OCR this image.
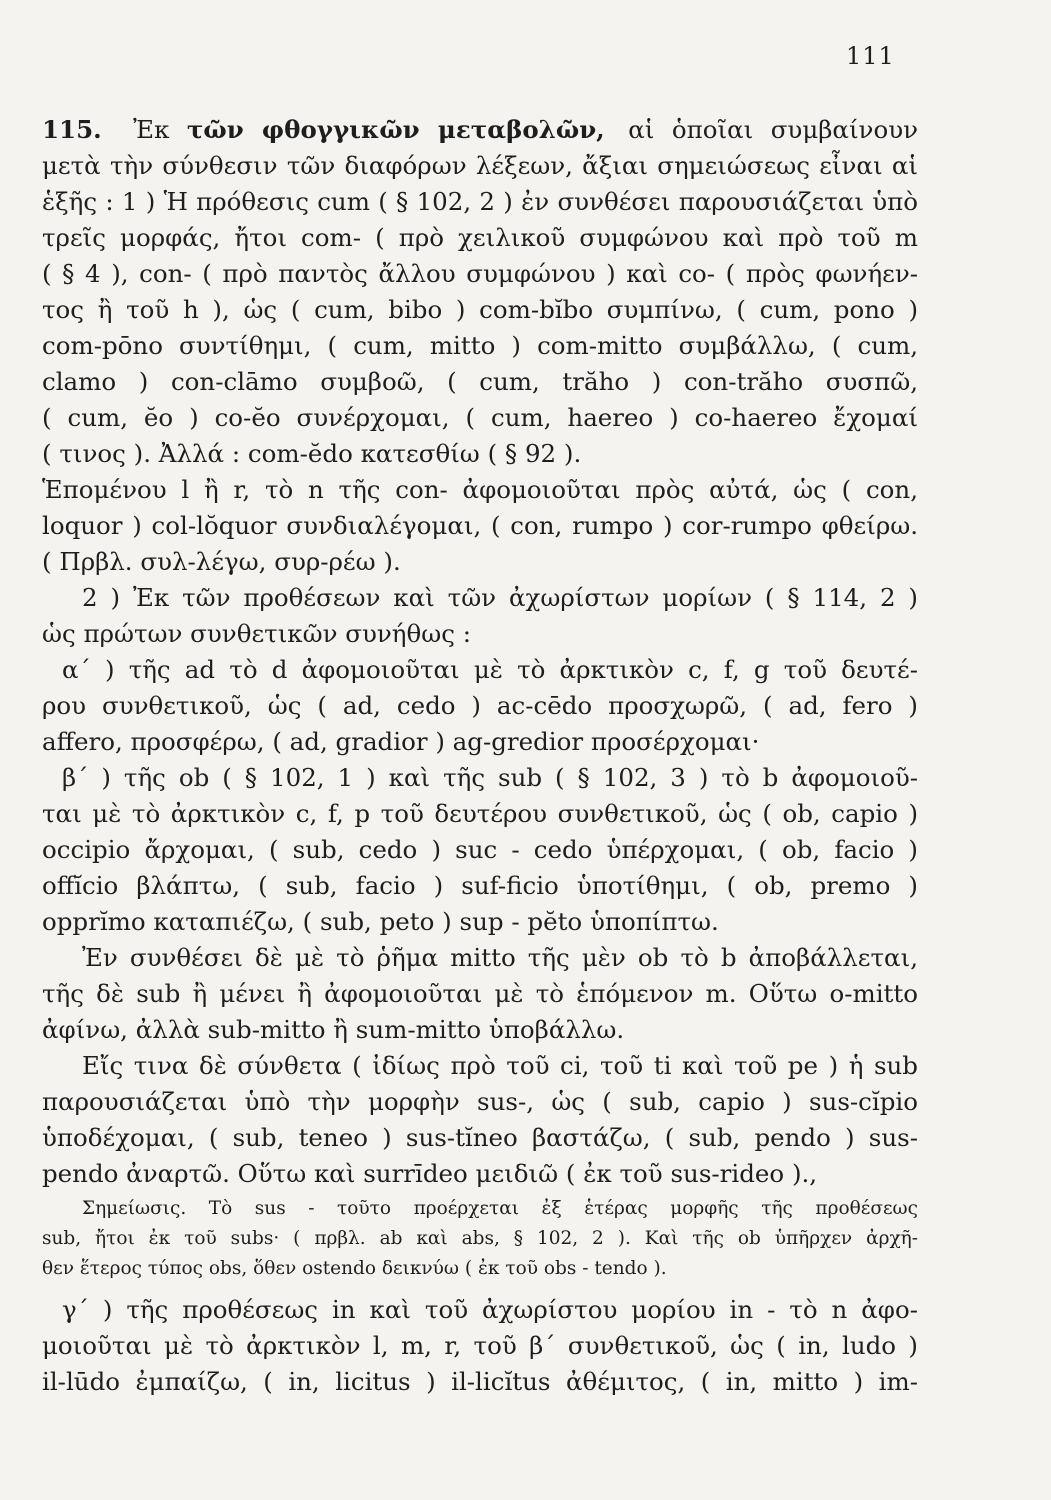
111
115. Ἐκ τῶν φθογγικῶν μεταβολῶν, αἱ ὁποῖαι συμβαίνουν
μετὰ τὴν σύνθεσιν τῶν διαφόρων λέξεων, ἄξιαι σημειώσεως εἶναι αἱ
ἑξῆς : 1 ) Ἡ πρόθεσις cum ( § 102, 2 ) ἐν συνθέσει παρουσιάζεται ὑπὸ
τρεῖς μορφάς, ἤτοι com- ( πρὸ χειλικοῦ συμφώνου καὶ πρὸ τοῦ m
( § 4 ), con- ( πρὸ παντὸς ἄλλου συμφώνου ) καὶ co- ( πρὸς φωνήεν-
τος ἢ τοῦ h ), ὡς ( cum, bibo ) com-bĭbo συμπίνω, ( cum, pono )
com-pōno συντίθημι, ( cum, mitto ) com-mitto συμβάλλω, ( cum,
clamo ) con-clāmo συμβοῶ, ( cum, trăho ) con-trăho συσπῶ,
( cum, ĕo ) co-ĕo συνέρχομαι, ( cum, haereo ) co-haereo ἔχομαί
( τινος ). Ἀλλά : com-ĕdo κατεσθίω ( § 92 ).
Ἑπομένου l ἢ r, τὸ n τῆς con- ἀφομοιοῦται πρὸς αὐτά, ὡς ( con,
loquor ) col-lŏquor συνδιαλέγομαι, ( con, rumpo ) cor-rumpo φθείρω.
( Πρβλ. συλ-λέγω, συρ-ρέω ).
2 ) Ἐκ τῶν προθέσεων καὶ τῶν ἀχωρίστων μορίων ( § 114, 2 )
ὡς πρώτων συνθετικῶν συνήθως :
α΄ ) τῆς ad τὸ d ἀφομοιοῦται μὲ τὸ ἀρκτικὸν c, f, g τοῦ δευτέ-
ρου συνθετικοῦ, ὡς ( ad, cedo ) ac-cēdo προσχωρῶ, ( ad, fero )
affero, προσφέρω, ( ad, gradior ) ag-gredior προσέρχομαι·
β΄ ) τῆς ob ( § 102, 1 ) καὶ τῆς sub ( § 102, 3 ) τὸ b ἀφομοιοῦ-
ται μὲ τὸ ἀρκτικὸν c, f, p τοῦ δευτέρου συνθετικοῦ, ὡς ( ob, capio )
occipio ἄρχομαι, ( sub, cedo ) suc - cedo ὑπέρχομαι, ( ob, facio )
offĭcio βλάπτω, ( sub, facio ) suf-ficio ὑποτίθημι, ( ob, premo )
opprĭmo καταπιέζω, ( sub, peto ) sup - pĕto ὑποπίπτω.
Ἐν συνθέσει δὲ μὲ τὸ ῥῆμα mitto τῆς μὲν ob τὸ b ἀποβάλλεται,
τῆς δὲ sub ἢ μένει ἢ ἀφομοιοῦται μὲ τὸ ἑπόμενον m. Οὕτω o-mitto
ἀφίνω, ἀλλὰ sub-mitto ἢ sum-mitto ὑποβάλλω.
Εἴς τινα δὲ σύνθετα ( ἰδίως πρὸ τοῦ ci, τοῦ ti καὶ τοῦ pe ) ἡ sub
παρουσιάζεται ὑπὸ τὴν μορφὴν sus-, ὡς ( sub, capio ) sus-cĭpio
ὑποδέχομαι, ( sub, teneo ) sus-tĭneo βαστάζω, ( sub, pendo ) sus-
pendo ἀναρτῶ. Οὕτω καὶ surrīdeo μειδιῶ ( ἐκ τοῦ sus-rideo ).,
Σημείωσις. Τὸ sus - τοῦτο προέρχεται ἐξ ἑτέρας μορφῆς τῆς προθέσεως
sub, ἤτοι ἐκ τοῦ subs· ( πρβλ. ab καὶ abs, § 102, 2 ). Καὶ τῆς ob ὑπῆρχεν ἀρχῆ-
θεν ἕτερος τύπος obs, ὅθεν ostendo δεικνύω ( ἐκ τοῦ obs - tendo ).
γ΄ ) τῆς προθέσεως in καὶ τοῦ ἀχωρίστου μορίου in - τὸ n ἀφο-
μοιοῦται μὲ τὸ ἀρκτικὸν l, m, r, τοῦ β΄ συνθετικοῦ, ὡς ( in, ludo )
il-lūdo ἐμπαίζω, ( in, licitus ) il-licĭtus ἀθέμιτος, ( in, mitto ) im-
